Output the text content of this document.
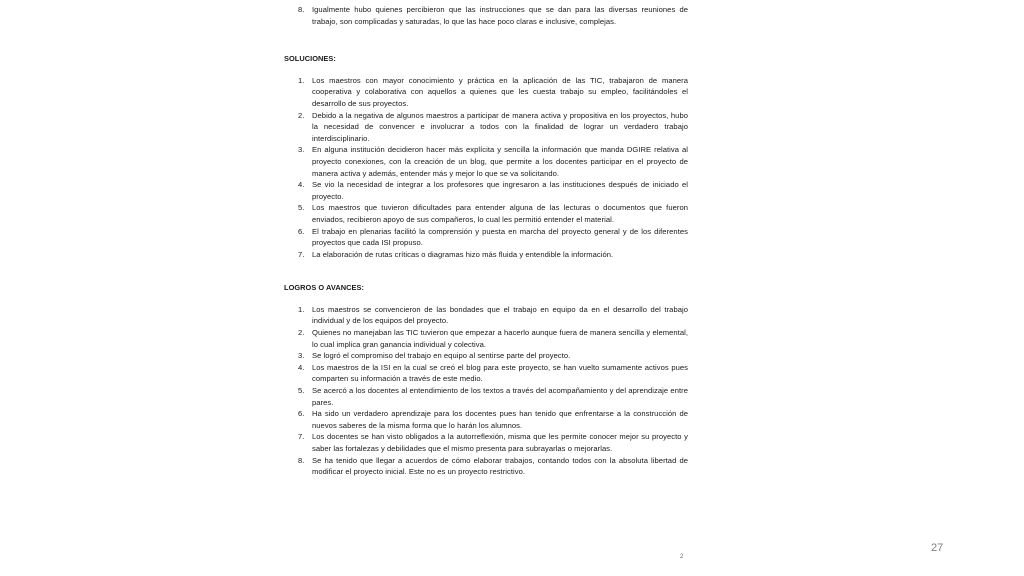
8. Igualmente hubo quienes percibieron que las instrucciones que se dan para las diversas reuniones de trabajo, son complicadas y saturadas, lo que las hace poco claras e inclusive, complejas.

SOLUCIONES:

1. Los maestros con mayor conocimiento y práctica en la aplicación de las TIC, trabajaron de manera cooperativa y colaborativa con aquellos a quienes que les cuesta trabajo su empleo, facilitándoles el desarrollo de sus proyectos.
2. Debido a la negativa de algunos maestros a participar de manera activa y propositiva en los proyectos, hubo la necesidad de convencer e involucrar a todos con la finalidad de lograr un verdadero trabajo interdisciplinario.
3. En alguna institución decidieron hacer más explícita y sencilla la información que manda DGIRE relativa al proyecto conexiones, con la creación de un blog, que permite a los docentes participar en el proyecto de manera activa y además, entender más y mejor lo que se va solicitando.
4. Se vio la necesidad de integrar a los profesores que ingresaron a las instituciones después de iniciado el proyecto.
5. Los maestros que tuvieron dificultades para entender alguna de las lecturas o documentos que fueron enviados, recibieron apoyo de sus compañeros, lo cual les permitió entender el material.
6. El trabajo en plenarias facilitó la comprensión y puesta en marcha del proyecto general y de los diferentes proyectos que cada ISI propuso.
7. La elaboración de rutas críticas o diagramas hizo más fluida y entendible la información.

LOGROS O AVANCES:

1. Los maestros se convencieron de las bondades que el trabajo en equipo da en el desarrollo del trabajo individual y de los equipos del proyecto.
2. Quienes no manejaban las TIC tuvieron que empezar a hacerlo aunque fuera de manera sencilla y elemental, lo cual implica gran ganancia individual y colectiva.
3. Se logró el compromiso del trabajo en equipo al sentirse parte del proyecto.
4. Los maestros de la ISI en la cual se creó el blog para este proyecto, se han vuelto sumamente activos pues comparten su información a través de este medio.
5. Se acercó a los docentes al entendimiento de los textos a través del acompañamiento y del aprendizaje entre pares.
6. Ha sido un verdadero aprendizaje para los docentes pues han tenido que enfrentarse a la construcción de nuevos saberes de la misma forma que lo harán los alumnos.
7. Los docentes se han visto obligados a la autorreflexión, misma que les permite conocer mejor su proyecto y saber las fortalezas y debilidades que el mismo presenta para subrayarlas o mejorarlas.
8. Se ha tenido que llegar a acuerdos de cómo elaborar trabajos, contando todos con la absoluta libertad de modificar el proyecto inicial. Este no es un proyecto restrictivo.
2
27
